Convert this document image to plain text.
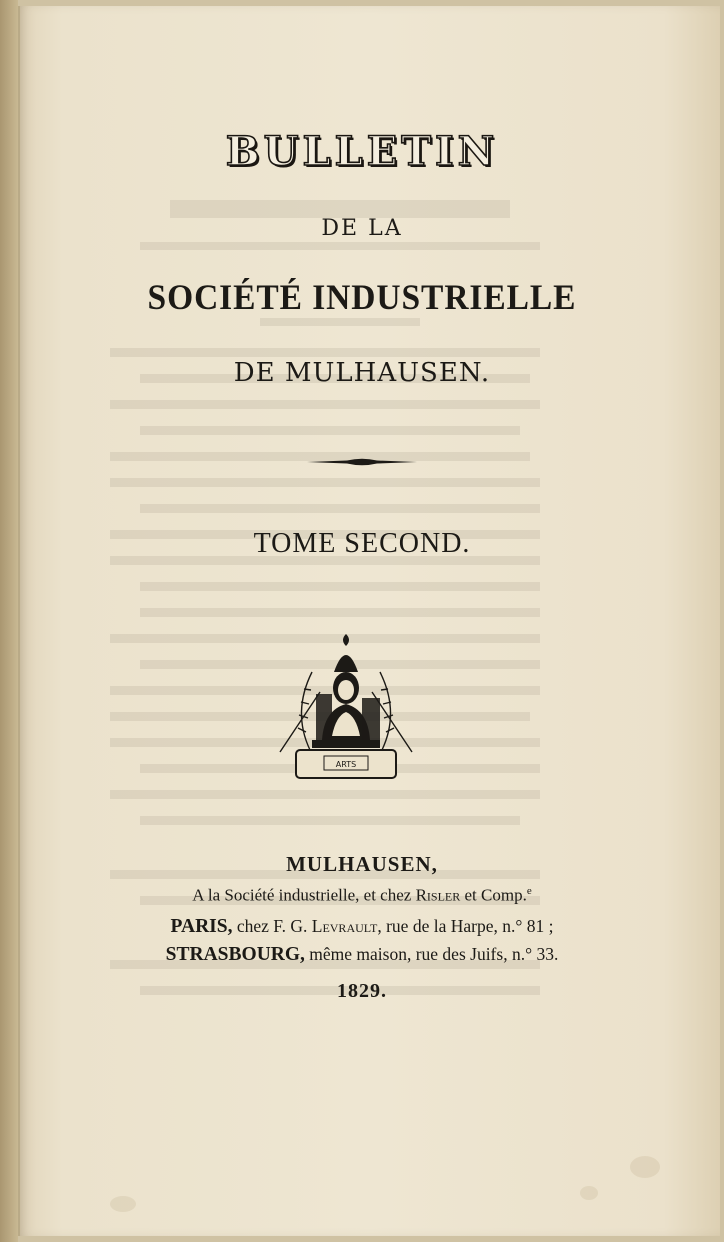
BULLETIN
DE LA
SOCIÉTÉ INDUSTRIELLE
DE MULHAUSEN.
TOME SECOND.
ARTS
MULHAUSEN,
A la Société industrielle, et chez Risler et Comp.$^e$
PARIS, chez F. G. Levrault, rue de la Harpe, n.° 81 ;
STRASBOURG, même maison, rue des Juifs, n.° 33.
1829.
